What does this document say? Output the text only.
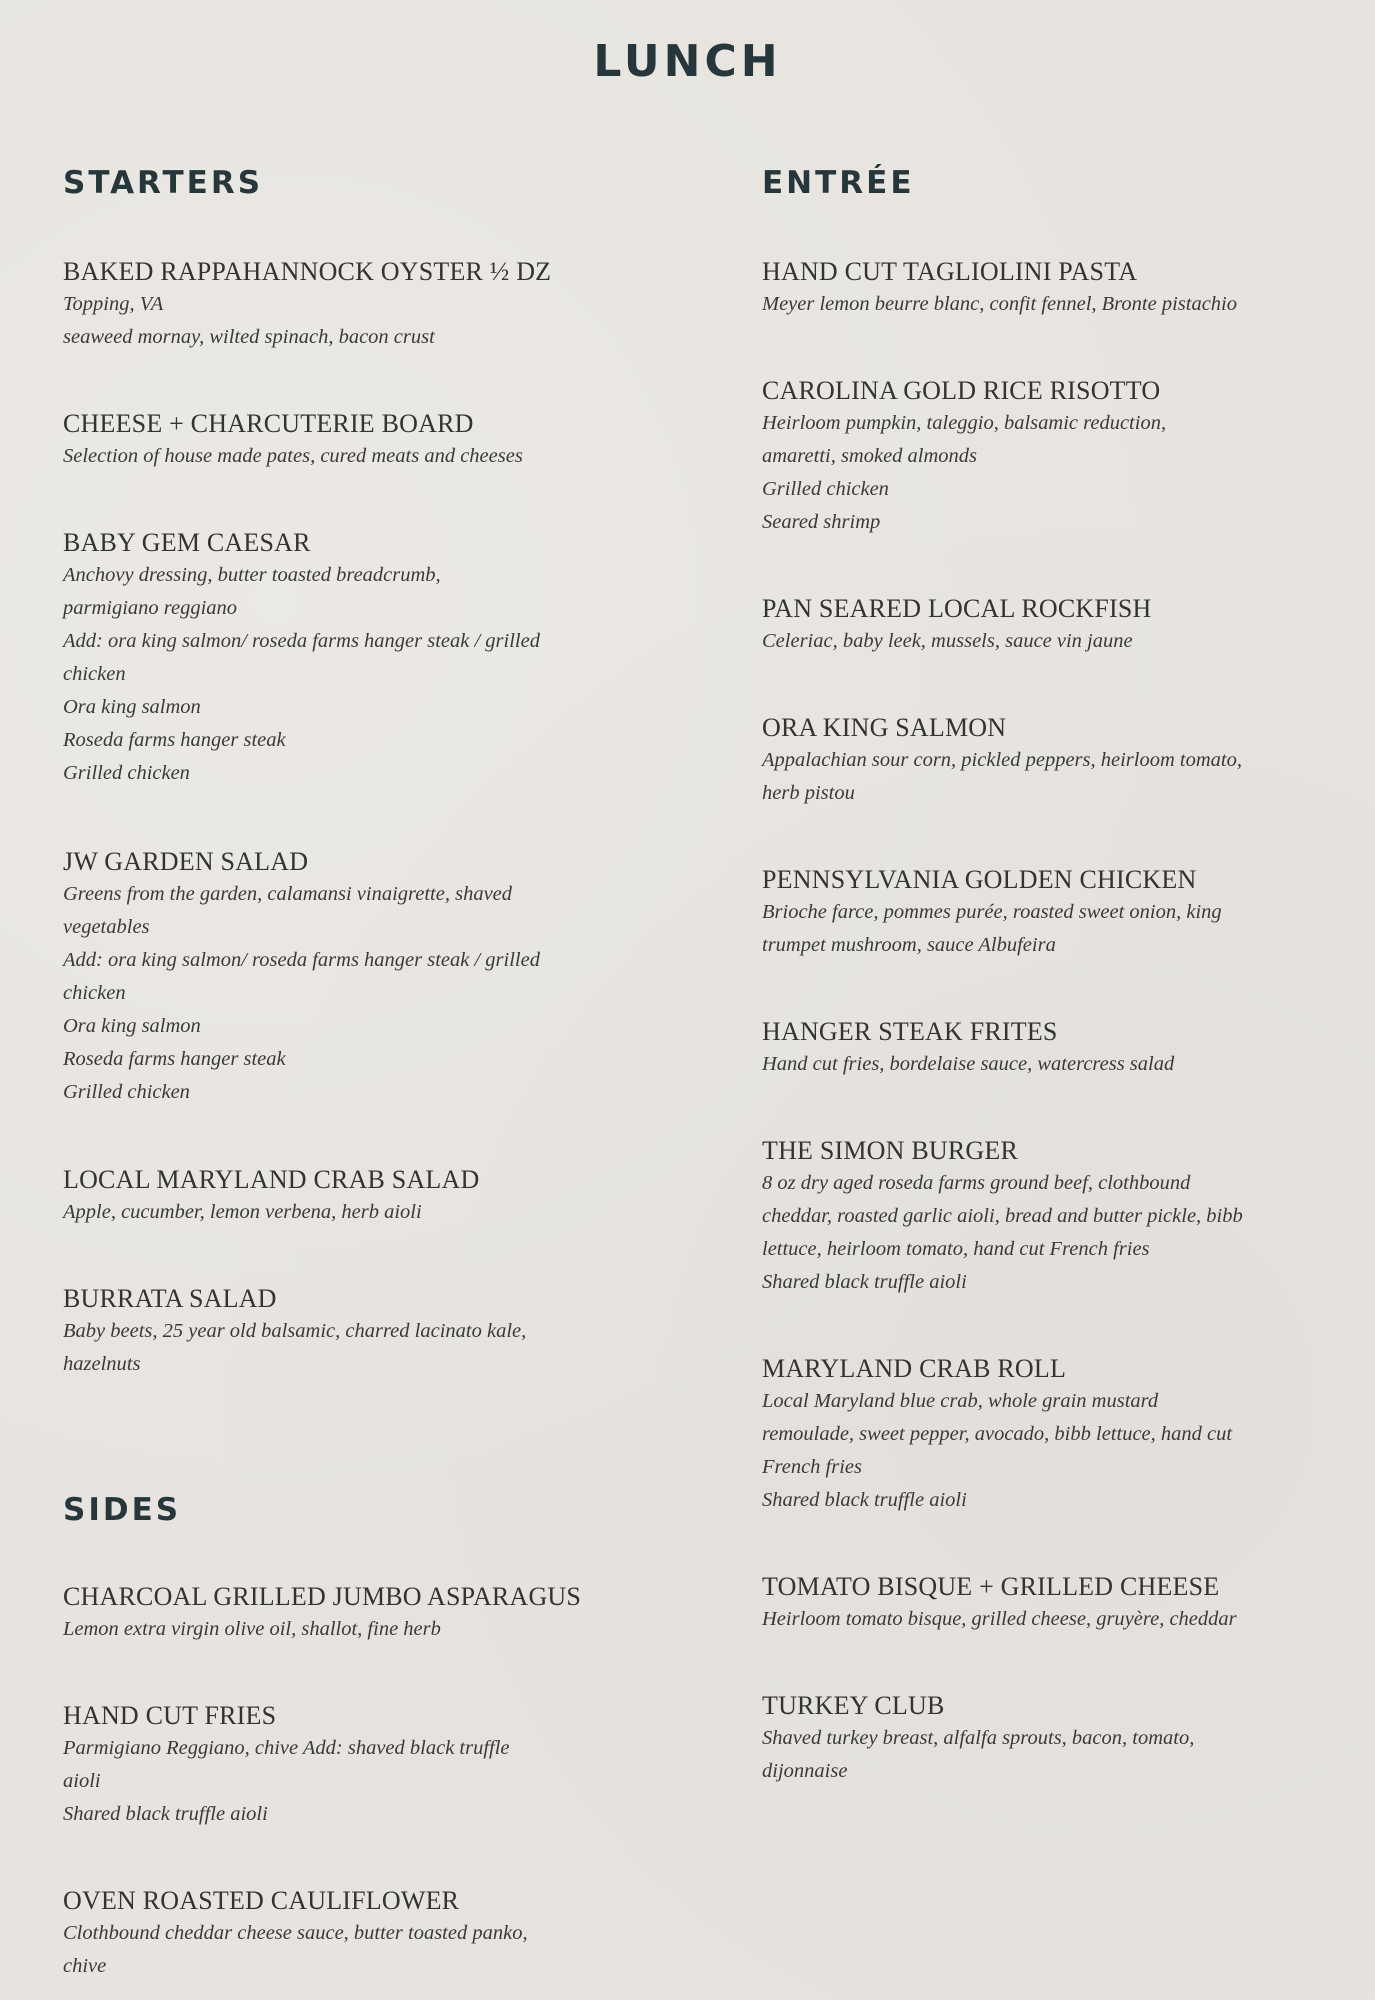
LUNCH
STARTERS
BAKED RAPPAHANNOCK OYSTER ½ DZ
Topping, VA
seaweed mornay, wilted spinach, bacon crust
CHEESE + CHARCUTERIE BOARD
Selection of house made pates, cured meats and cheeses
BABY GEM CAESAR
Anchovy dressing, butter toasted breadcrumb,
parmigiano reggiano
Add: ora king salmon/ roseda farms hanger steak / grilled
chicken
Ora king salmon
Roseda farms hanger steak
Grilled chicken
JW GARDEN SALAD
Greens from the garden, calamansi vinaigrette, shaved
vegetables
Add: ora king salmon/ roseda farms hanger steak / grilled
chicken
Ora king salmon
Roseda farms hanger steak
Grilled chicken
LOCAL MARYLAND CRAB SALAD
Apple, cucumber, lemon verbena, herb aioli
BURRATA SALAD
Baby beets, 25 year old balsamic, charred lacinato kale,
hazelnuts
SIDES
CHARCOAL GRILLED JUMBO ASPARAGUS
Lemon extra virgin olive oil, shallot, fine herb
HAND CUT FRIES
Parmigiano Reggiano, chive Add: shaved black truffle
aioli
Shared black truffle aioli
OVEN ROASTED CAULIFLOWER
Clothbound cheddar cheese sauce, butter toasted panko,
chive
ENTRÉE
HAND CUT TAGLIOLINI PASTA
Meyer lemon beurre blanc, confit fennel, Bronte pistachio
CAROLINA GOLD RICE RISOTTO
Heirloom pumpkin, taleggio, balsamic reduction,
amaretti, smoked almonds
Grilled chicken
Seared shrimp
PAN SEARED LOCAL ROCKFISH
Celeriac, baby leek, mussels, sauce vin jaune
ORA KING SALMON
Appalachian sour corn, pickled peppers, heirloom tomato,
herb pistou
PENNSYLVANIA GOLDEN CHICKEN
Brioche farce, pommes purée, roasted sweet onion, king
trumpet mushroom, sauce Albufeira
HANGER STEAK FRITES
Hand cut fries, bordelaise sauce, watercress salad
THE SIMON BURGER
8 oz dry aged roseda farms ground beef, clothbound
cheddar, roasted garlic aioli, bread and butter pickle, bibb
lettuce, heirloom tomato, hand cut French fries
Shared black truffle aioli
MARYLAND CRAB ROLL
Local Maryland blue crab, whole grain mustard
remoulade, sweet pepper, avocado, bibb lettuce, hand cut
French fries
Shared black truffle aioli
TOMATO BISQUE + GRILLED CHEESE
Heirloom tomato bisque, grilled cheese, gruyère, cheddar
TURKEY CLUB
Shaved turkey breast, alfalfa sprouts, bacon, tomato,
dijonnaise
